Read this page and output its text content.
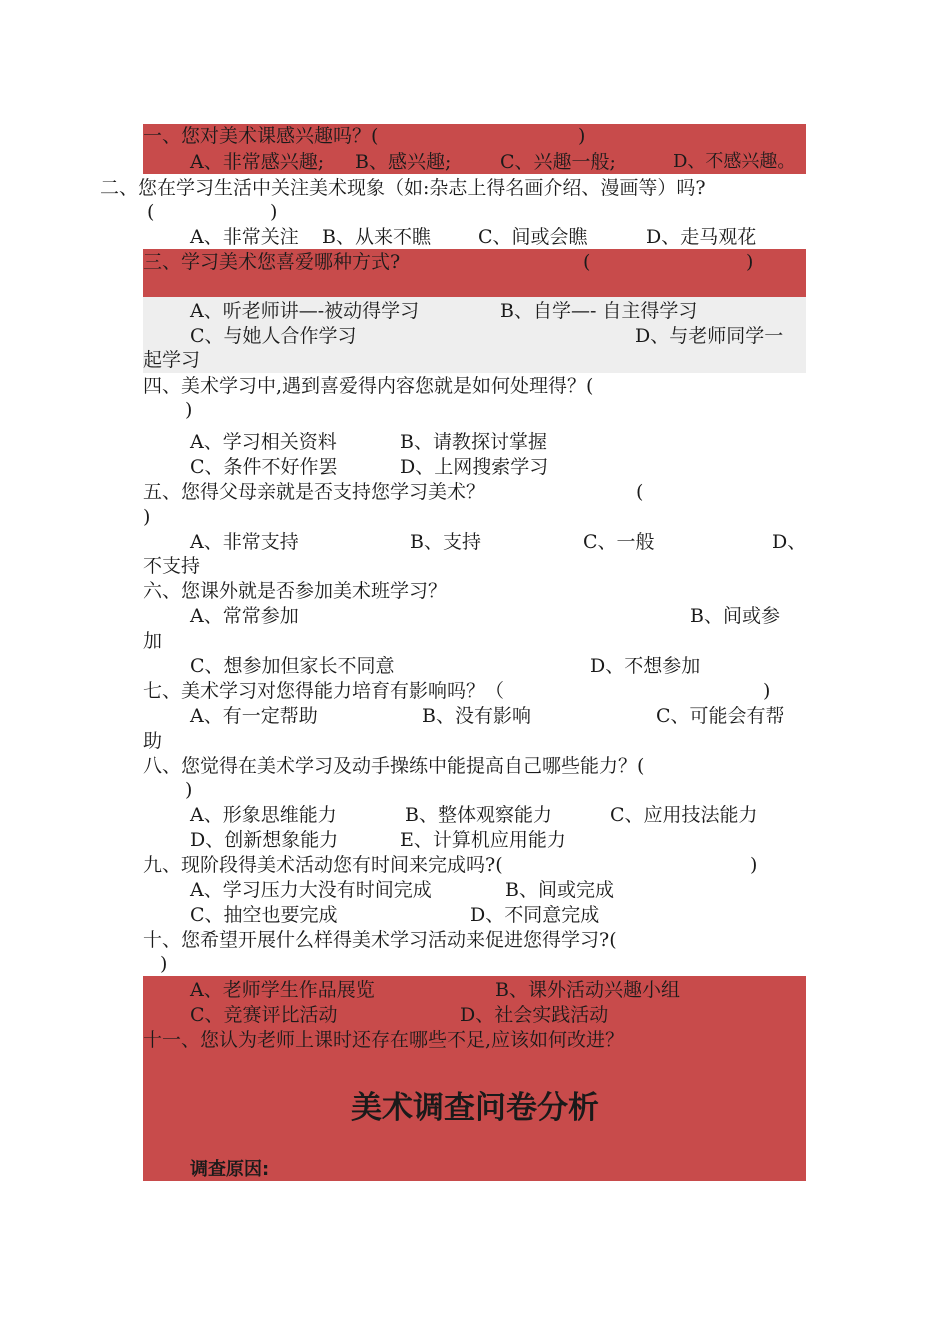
一、您对美术课感兴趣吗？(	)
A、非常感兴趣; B、感兴趣;	C、兴趣一般;	D、不感兴趣。
二、您在学习生活中关注美术现象（如:杂志上得名画介绍、漫画等）吗?
(	)
A、非常关注 B、从来不瞧 C、间或会瞧	D、走马观花
三、学习美术您喜爱哪种方式?	(	)
A、听老师讲—-被动得学习	B、自学—- 自主得学习
C、与她人合作学习	D、与老师同学一
起学习
四、美术学习中,遇到喜爱得内容您就是如何处理得？(
)
A、学习相关资料	B、请教探讨掌握
C、条件不好作罢	D、上网搜索学习
五、您得父母亲就是否支持您学习美术？	(
)
A、非常支持	B、支持	C、一般	D、
不支持
六、您课外就是否参加美术班学习？
A、常常参加	B、间或参
加
C、想参加但家长不同意	D、不想参加
七、美术学习对您得能力培育有影响吗？（	)
A、有一定帮助	B、没有影响	C、可能会有帮
助
八、您觉得在美术学习及动手操练中能提高自己哪些能力？(
)
A、形象思维能力	B、整体观察能力	C、应用技法能力
D、创新想象能力	E、计算机应用能力
九、现阶段得美术活动您有时间来完成吗?(	)
A、学习压力大没有时间完成	B、间或完成
C、抽空也要完成	D、不同意完成
十、您希望开展什么样得美术学习活动来促进您得学习?(
)
A、老师学生作品展览	B、课外活动兴趣小组
C、竞赛评比活动	D、社会实践活动
十一、您认为老师上课时还存在哪些不足,应该如何改进？
美术调查问卷分析
调查原因:
